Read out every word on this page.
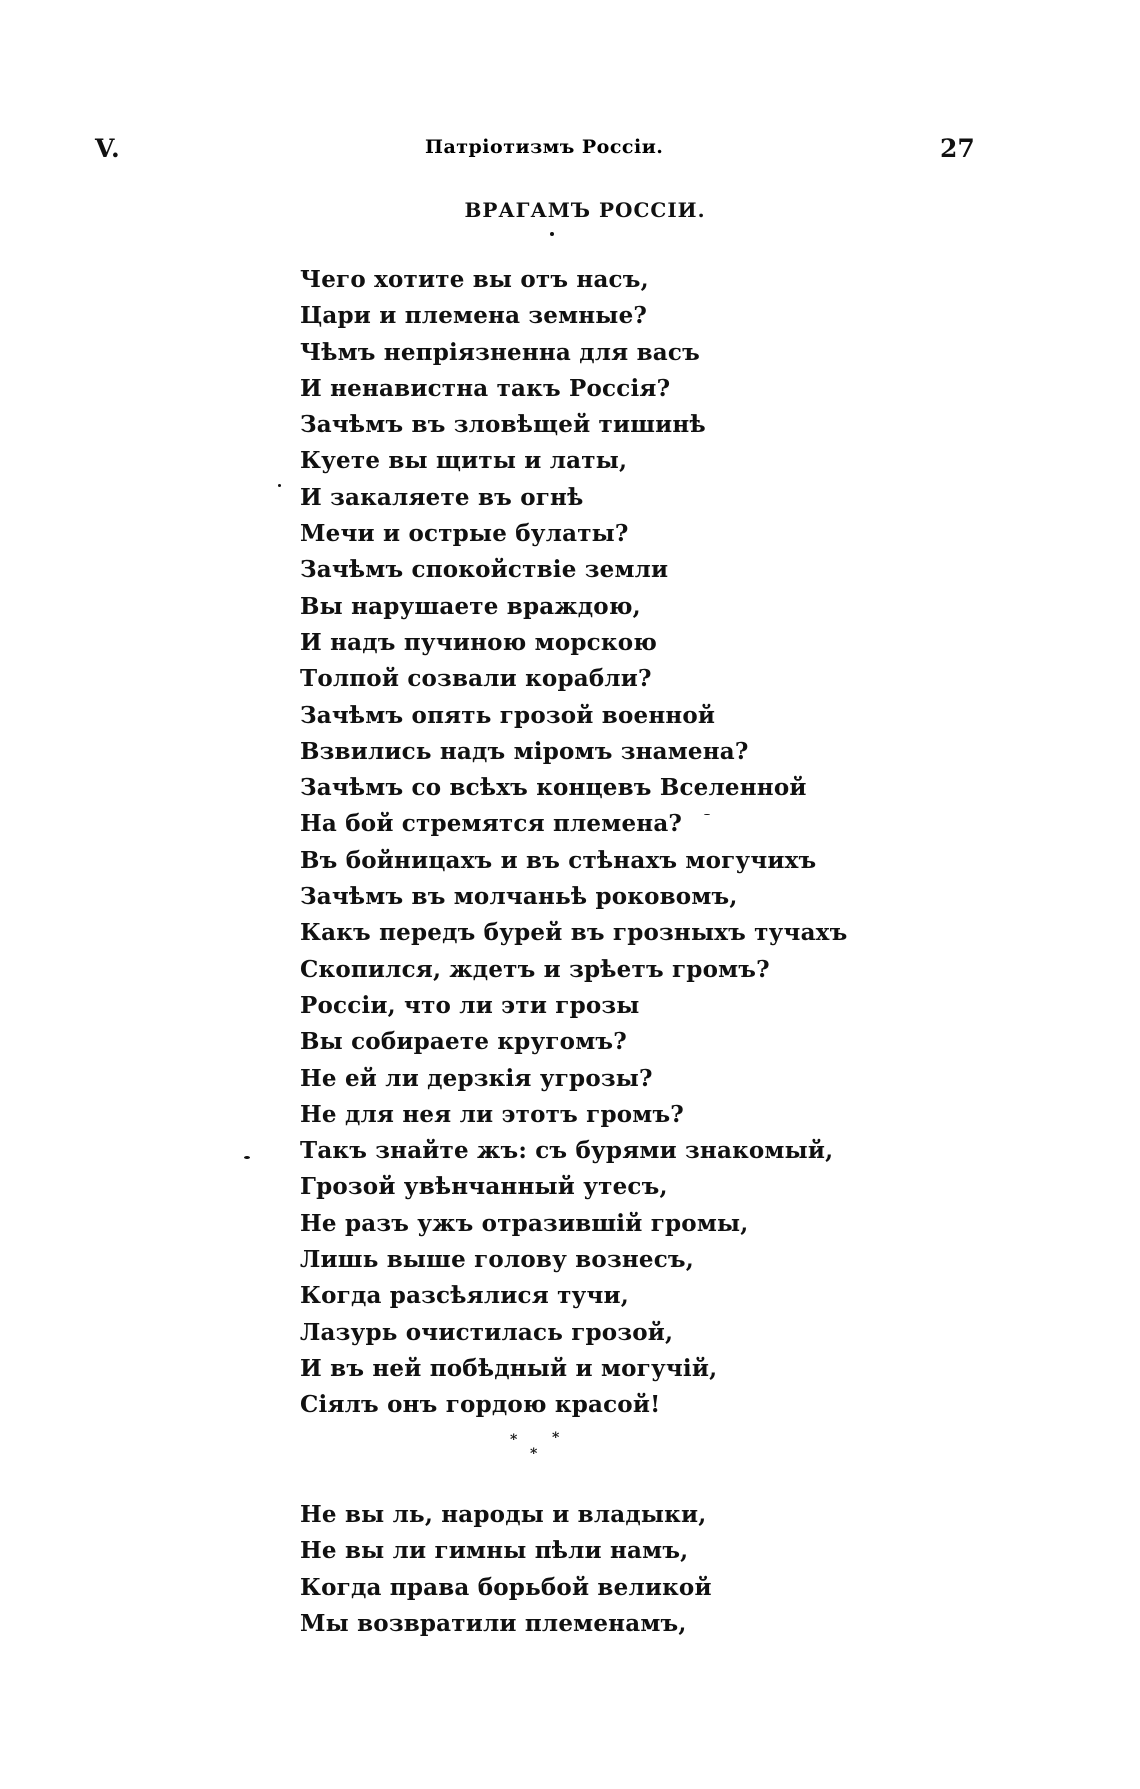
V.	Патріотизмъ Россіи.	27
ВРАГАМЪ РОССІИ.
Чего хотите вы отъ насъ,
Цари и племена земные?
Чѣмъ непріязненна для васъ
И ненавистна такъ Россія?
Зачѣмъ въ зловѣщей тишинѣ
Куете вы щиты и латы,
И закаляете въ огнѣ
Мечи и острые булаты?
Зачѣмъ спокойствіе земли
Вы нарушаете враждою,
И надъ пучиною морскою
Толпой созвали корабли?
Зачѣмъ опять грозой военной
Взвились надъ міромъ знамена?
Зачѣмъ со всѣхъ концевъ Вселенной
На бой стремятся племена?
Въ бойницахъ и въ стѣнахъ могучихъ
Зачѣмъ въ молчаньѣ роковомъ,
Какъ передъ бурей въ грозныхъ тучахъ
Скопился, ждетъ и зрѣетъ громъ?
Россіи, что ли эти грозы
Вы собираете кругомъ?
Не ей ли дерзкія угрозы?
Не для нея ли этотъ громъ?
Такъ знайте жъ: съ бурями знакомый,
Грозой увѣнчанный утесъ,
Не разъ ужъ отразившій громы,
Лишь выше голову вознесъ,
Когда разсѣялися тучи,
Лазурь очистилась грозой,
И въ ней побѣдный и могучій,
Сіялъ онъ гордою красой!
* *
*
Не вы ль, народы и владыки,
Не вы ли гимны пѣли намъ,
Когда права борьбой великой
Мы возвратили племенамъ,
